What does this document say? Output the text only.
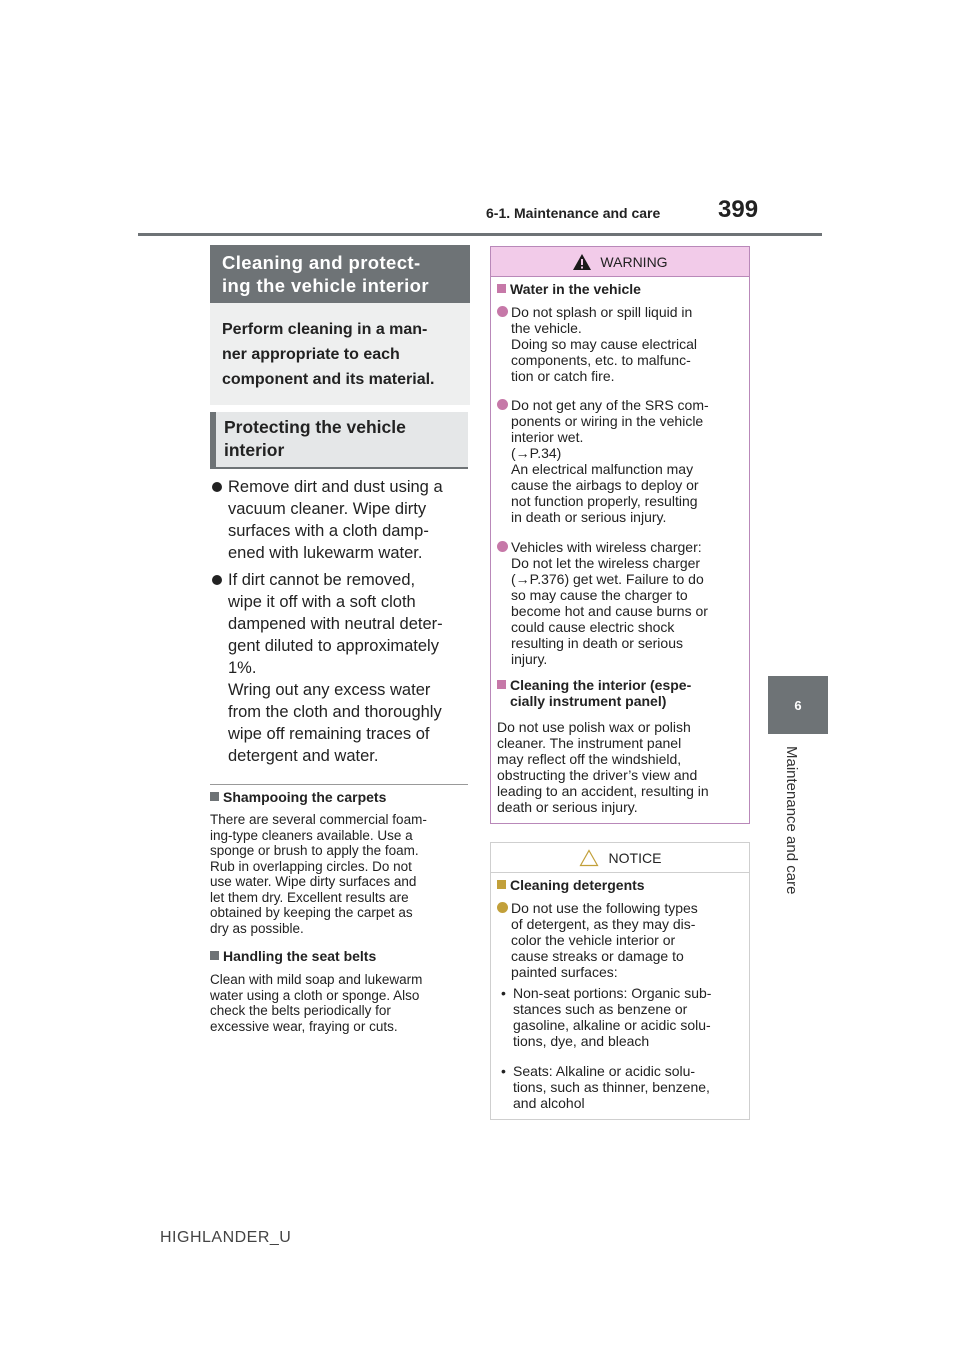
6-1. Maintenance and care 399
6
Maintenance and care
Cleaning and protect-
ing the vehicle interior
Perform cleaning in a man-
ner appropriate to each
component and its material.
Protecting the vehicle
interior
Remove dirt and dust using a
vacuum cleaner. Wipe dirty
surfaces with a cloth damp-
ened with lukewarm water.
If dirt cannot be removed,
wipe it off with a soft cloth
dampened with neutral deter-
gent diluted to approximately
1%.
Wring out any excess water
from the cloth and thoroughly
wipe off remaining traces of
detergent and water.
Shampooing the carpets
There are several commercial foam-
ing-type cleaners available. Use a
sponge or brush to apply the foam.
Rub in overlapping circles. Do not
use water. Wipe dirty surfaces and
let them dry. Excellent results are
obtained by keeping the carpet as
dry as possible.
Handling the seat belts
Clean with mild soap and lukewarm
water using a cloth or sponge. Also
check the belts periodically for
excessive wear, fraying or cuts.
WARNING
Water in the vehicle
Do not splash or spill liquid in
the vehicle.
Doing so may cause electrical
components, etc. to malfunc-
tion or catch fire.
Do not get any of the SRS com-
ponents or wiring in the vehicle
interior wet.
(→P.34)
An electrical malfunction may
cause the airbags to deploy or
not function properly, resulting
in death or serious injury.
Vehicles with wireless charger:
Do not let the wireless charger
(→P.376) get wet. Failure to do
so may cause the charger to
become hot and cause burns or
could cause electric shock
resulting in death or serious
injury.
Cleaning the interior (espe-
cially instrument panel)
Do not use polish wax or polish
cleaner. The instrument panel
may reflect off the windshield,
obstructing the driver’s view and
leading to an accident, resulting in
death or serious injury.
NOTICE
Cleaning detergents
Do not use the following types
of detergent, as they may dis-
color the vehicle interior or
cause streaks or damage to
painted surfaces:
• Non-seat portions: Organic sub-
stances such as benzene or
gasoline, alkaline or acidic solu-
tions, dye, and bleach
• Seats: Alkaline or acidic solu-
tions, such as thinner, benzene,
and alcohol
HIGHLANDER_U
